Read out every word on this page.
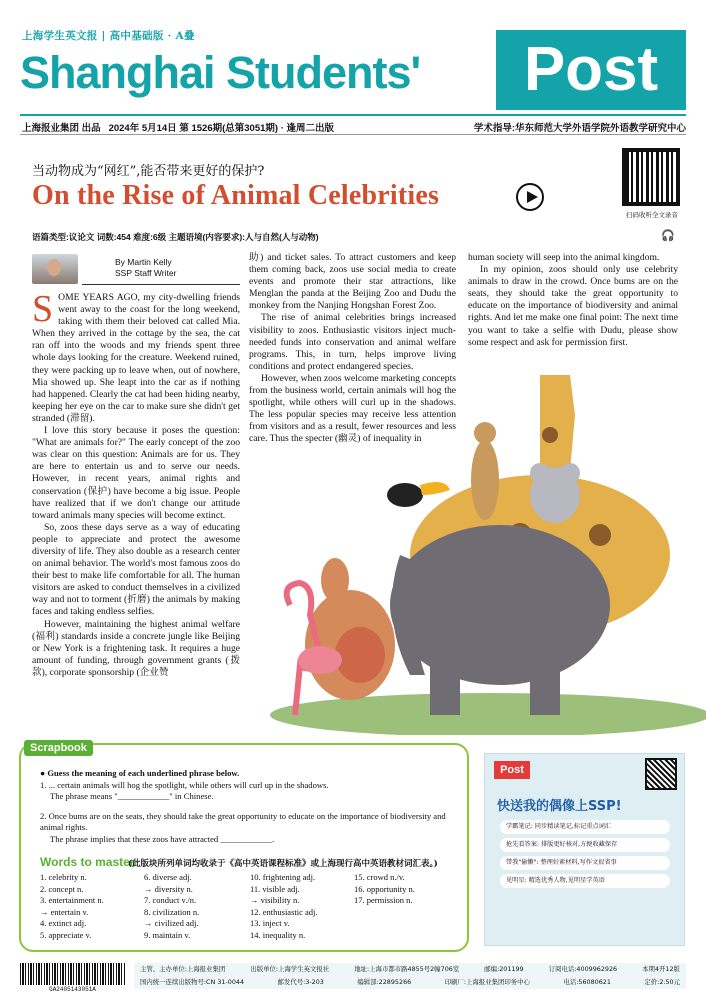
上海学生英文报 | 高中基础版 · A叠
Shanghai Students'	Post
上海报业集团 出品 2024年 5月14日 第 1526期(总第3051期) · 逢周二出版	学术指导:华东师范大学外语学院外语教学研究中心
当动物成为“网红”,能否带来更好的保护?
On the Rise of Animal Celebrities
扫码收听全文录音
语篇类型:议论文 词数:454 难度:6级 主题语境(内容要求):人与自然(人与动物)	🎧
By Martin Kelly
SSP Staff Writer

SOME YEARS AGO, my city-dwelling friends went away to the coast for the long weekend, taking with them their beloved cat called Mia. When they arrived in the cottage by the sea, the cat ran off into the woods and my friends spent three whole days looking for the creature. Weekend ruined, they were packing up to leave when, out of nowhere, Mia showed up. She leapt into the car as if nothing had happened. Clearly the cat had been hiding nearby, keeping her eye on the car to make sure she didn't get stranded (滞留).

I love this story because it poses the question: "What are animals for?" The early concept of the zoo was clear on this question: Animals are for us. They are here to entertain us and to serve our needs. However, in recent years, animal rights and conservation (保护) have become a big issue. People have realized that if we don't change our attitude toward animals many species will become extinct.

So, zoos these days serve as a way of educating people to appreciate and protect the awesome diversity of life. They also double as a research center on animal behavior. The world's most famous zoos do their best to make life comfortable for all. The human visitors are asked to conduct themselves in a civilized way and not to torment (折磨) the animals by making faces and taking endless selfies.

However, maintaining the highest animal welfare (福利) standards inside a concrete jungle like Beijing or New York is a frightening task. It requires a huge amount of funding, through government grants (拨款), corporate sponsorship (企业赞

助) and ticket sales. To attract customers and keep them coming back, zoos use social media to create events and promote their star attractions, like Menglan the panda at the Beijing Zoo and Dudu the monkey from the Nanjing Hongshan Forest Zoo.

The rise of animal celebrities brings increased visibility to zoos. Enthusiastic visitors inject much-needed funds into conservation and animal welfare programs. This, in turn, helps improve living conditions and protect endangered species.

However, when zoos welcome marketing concepts from the business world, certain animals will hog the spotlight, while others will curl up in the shadows. The less popular species may receive less attention from visitors and as a result, fewer resources and less care. Thus the specter (幽灵) of inequality in

human society will seep into the animal kingdom.

In my opinion, zoos should only use celebrity animals to draw in the crowd. Once bums are on the seats, they should take the great opportunity to educate on the importance of biodiversity and animal rights. And let me make one final point: The next time you want to take a selfie with Dudu, please show some respect and ask for permission first.

Scrapbook
● Guess the meaning of each underlined phrase below.
1. ... certain animals will hog the spotlight, while others will curl up in the shadows.
The phrase means "____________" in Chinese.
2. Once bums are on the seats, they should take the great opportunity to educate on the importance of biodiversity and animal rights.
The phrase implies that these zoos have attracted ____________.
Words to master
(此版块所列单词均收录于《高中英语课程标准》或上海现行高中英语教材词汇表。)
1. celebrity n.	6. diverse adj.	10. frightening adj.	15. crowd n./v.
2. concept n.	→ diversity n.	11. visible adj.	16. opportunity n.
3. entertainment n.	7. conduct v./n.	→ visibility n.	17. permission n.
→ entertain v.	8. civilization n.	12. enthusiastic adj.
4. extinct adj.	→ civilized adj.	13. inject v.
5. appreciate v.	9. maintain v.	14. inequality n.
Post
快送我的偶像上SSP!
学霸笔记: 同步精读笔记,标记重点词汇
抢先看答案: 排版更好核对,方便收藏保存
带我"偷懒": 整理好素材料,写作文很省事
见明星: 精选优秀人物,见明星学英语
GA2405143051A
主管、主办单位:上海报业集团	出版单位:上海学生英文报社	地址:上海市都市路4855号2幢706室	邮编:201199	订阅电话:4009962926	本期4开12版
国内统一连续出版物号:CN 31-0044	邮发代号:3-203	编辑部:22895266	印刷厂:上海报业集团印务中心	电话:56080621	定价:2.50元
